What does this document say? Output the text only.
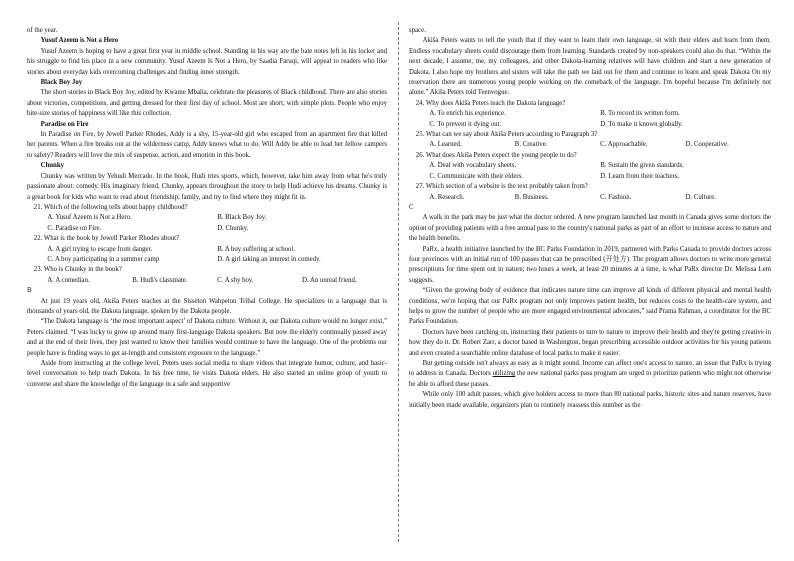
of the year.

Yusuf Azeem is Not a Hero

Yusuf Azeem is hoping to have a great first year in middle school. Standing in his way are the hate notes left in his locker and his struggle to find his place in a new community. Yusuf Azeem Is Not a Hero, by Saadia Faruqi, will appeal to readers who like stories about everyday kids overcoming challenges and finding inner strength.

Black Boy Joy

The short stories in Black Boy Joy, edited by Kwame Mbalia, celebrate the pleasures of Black childhood. There are also stories about victories, competitions, and getting dressed for their first day of school. Most are short, with simple plots. People who enjoy bite-size stories of happiness will like this collection.

Paradise on Fire

In Paradise on Fire, by Jewell Parker Rhodes, Addy is a shy, 15-year-old girl who escaped from an apartment fire that killed her parents. When a fire breaks out at the wilderness camp, Addy knows what to do. Will Addy be able to lead her fellow campers to safety? Readers will love the mix of suspense, action, and emotion in this book.

Chunky

Chunky was written by Yehudi Mercado. In the book, Hudi tries sports, which, however, take him away from what he's truly passionate about: comedy. His imaginary friend, Chunky, appears throughout the story to help Hudi achieve his dreams. Chunky is a great book for kids who want to read about friendship, family, and try to find where they might fit in.

21. Which of the following tells about happy childhood?

A. Yusuf Azeem is Not a Hero.	B. Black Boy Joy.
C. Paradise on Fire.	D. Chunky.

22. What is the book by Jewell Parker Rhodes about?

A. A girl trying to escape from danger.	B. A boy suffering at school.
C. A boy participating in a summer camp	D. A girl taking an interest in comedy.

23. Who is Chunky in the book?

A. A comedian.	B. Hudi's classmate.	C. A shy boy.	D. An unreal friend.

B

At just 19 years old, Akiša Peters teaches at the Sisseton Wahpeton Tribal College. He specializes in a language that is thousands of years old, the Dakota language, spoken by the Dakota people.

“The Dakota language is ‘the most important aspect’ of Dakota culture. Without it, our Dakota culture would no longer exist,” Peters claimed. “I was lucky to grow up around many first-language Dakota speakers. But now the elderly continually passed away and at the end of their lives, they just wanted to know their families would continue to have the language. One of the problems our people have is finding ways to get at-length and consistent exposure to the language.”

Aside from instructing at the college level, Peters uses social media to share videos that integrate humor, culture, and basic-level conversation to help teach Dakota. In his free time, he visits Dakota elders. He also started an online group of youth to converse and share the knowledge of the language in a safe and supportive

space.

Akiša Peters wants to tell the youth that if they want to learn their own language, sit with their elders and learn from them. Endless vocabulary sheets could discourage them from learning. Standards created by non-speakers could also do that. “Within the next decade, I assume, me, my colleagues, and other Dakota-learning relatives will have children and start a new generation of Dakota. I also hope my brothers and sisters will take the path we laid out for them and continue to learn and speak Dakota On my reservation there are numerous young people working on the comeback of the language. I'm hopeful because I'm definitely not alone.” Akiša Peters told Teenvogue.

24. Why does Akiša Peters teach the Dakota language?

A. To enrich his experience.	B. To record its written form.
C. To prevent it dying out.	D. To make it known globally.

25. What can we say about Akiša Peters according to Paragraph 3?

A. Learned.	B. Creative.	C. Approachable.	D. Cooperative.

26. What does Akiša Peters expect the young people to do?

A. Deal with vocabulary sheets.	B. Sustain the given standards.
C. Communicate with their elders.	D. Learn from their teachers.

27. Which section of a website is the text probably taken from?

A. Research.	B. Business.	C. Fashion.	D. Culture.

C

A walk in the park may be just what the doctor ordered. A new program launched last month in Canada gives some doctors the option of providing patients with a free annual pass to the country's national parks as part of an effort to increase access to nature and the health benefits.

PaRx, a health initiative launched by the BC Parks Foundation in 2019, partnered with Parks Canada to provide doctors across four provinces with an initial run of 100 passes that can be prescribed (开处方). The program allows doctors to write more general prescriptions for time spent out in nature; two hours a week, at least 20 minutes at a time, is what PaRx director Dr. Melissa Lem suggests.

“Given the growing body of evidence that indicates nature time can improve all kinds of different physical and mental health conditions, we're hoping that our PaRx program not only improves patient health, but reduces costs to the health-care system, and helps to grow the number of people who are more engaged environmental advocates,” said Prama Rahman, a coordinator for the BC Parks Foundation.

Doctors have been catching on, instructing their patients to turn to nature to improve their health and they're getting creative in how they do it. Dr. Robert Zarr, a doctor based in Washington, began prescribing accessible outdoor activities for his young patients and even created a searchable online database of local parks to make it easier.

But getting outside isn't always as easy as it might sound. Income can affect one's access to nature, an issue that PaRx is trying to address in Canada. Doctors utilizing the new national parks pass program are urged to prioritize patients who might not otherwise be able to afford these passes.

While only 100 adult passes, which give holders access to more than 80 national parks, historic sites and nature reserves, have initially been made available, organizers plan to routinely reassess this number as the
